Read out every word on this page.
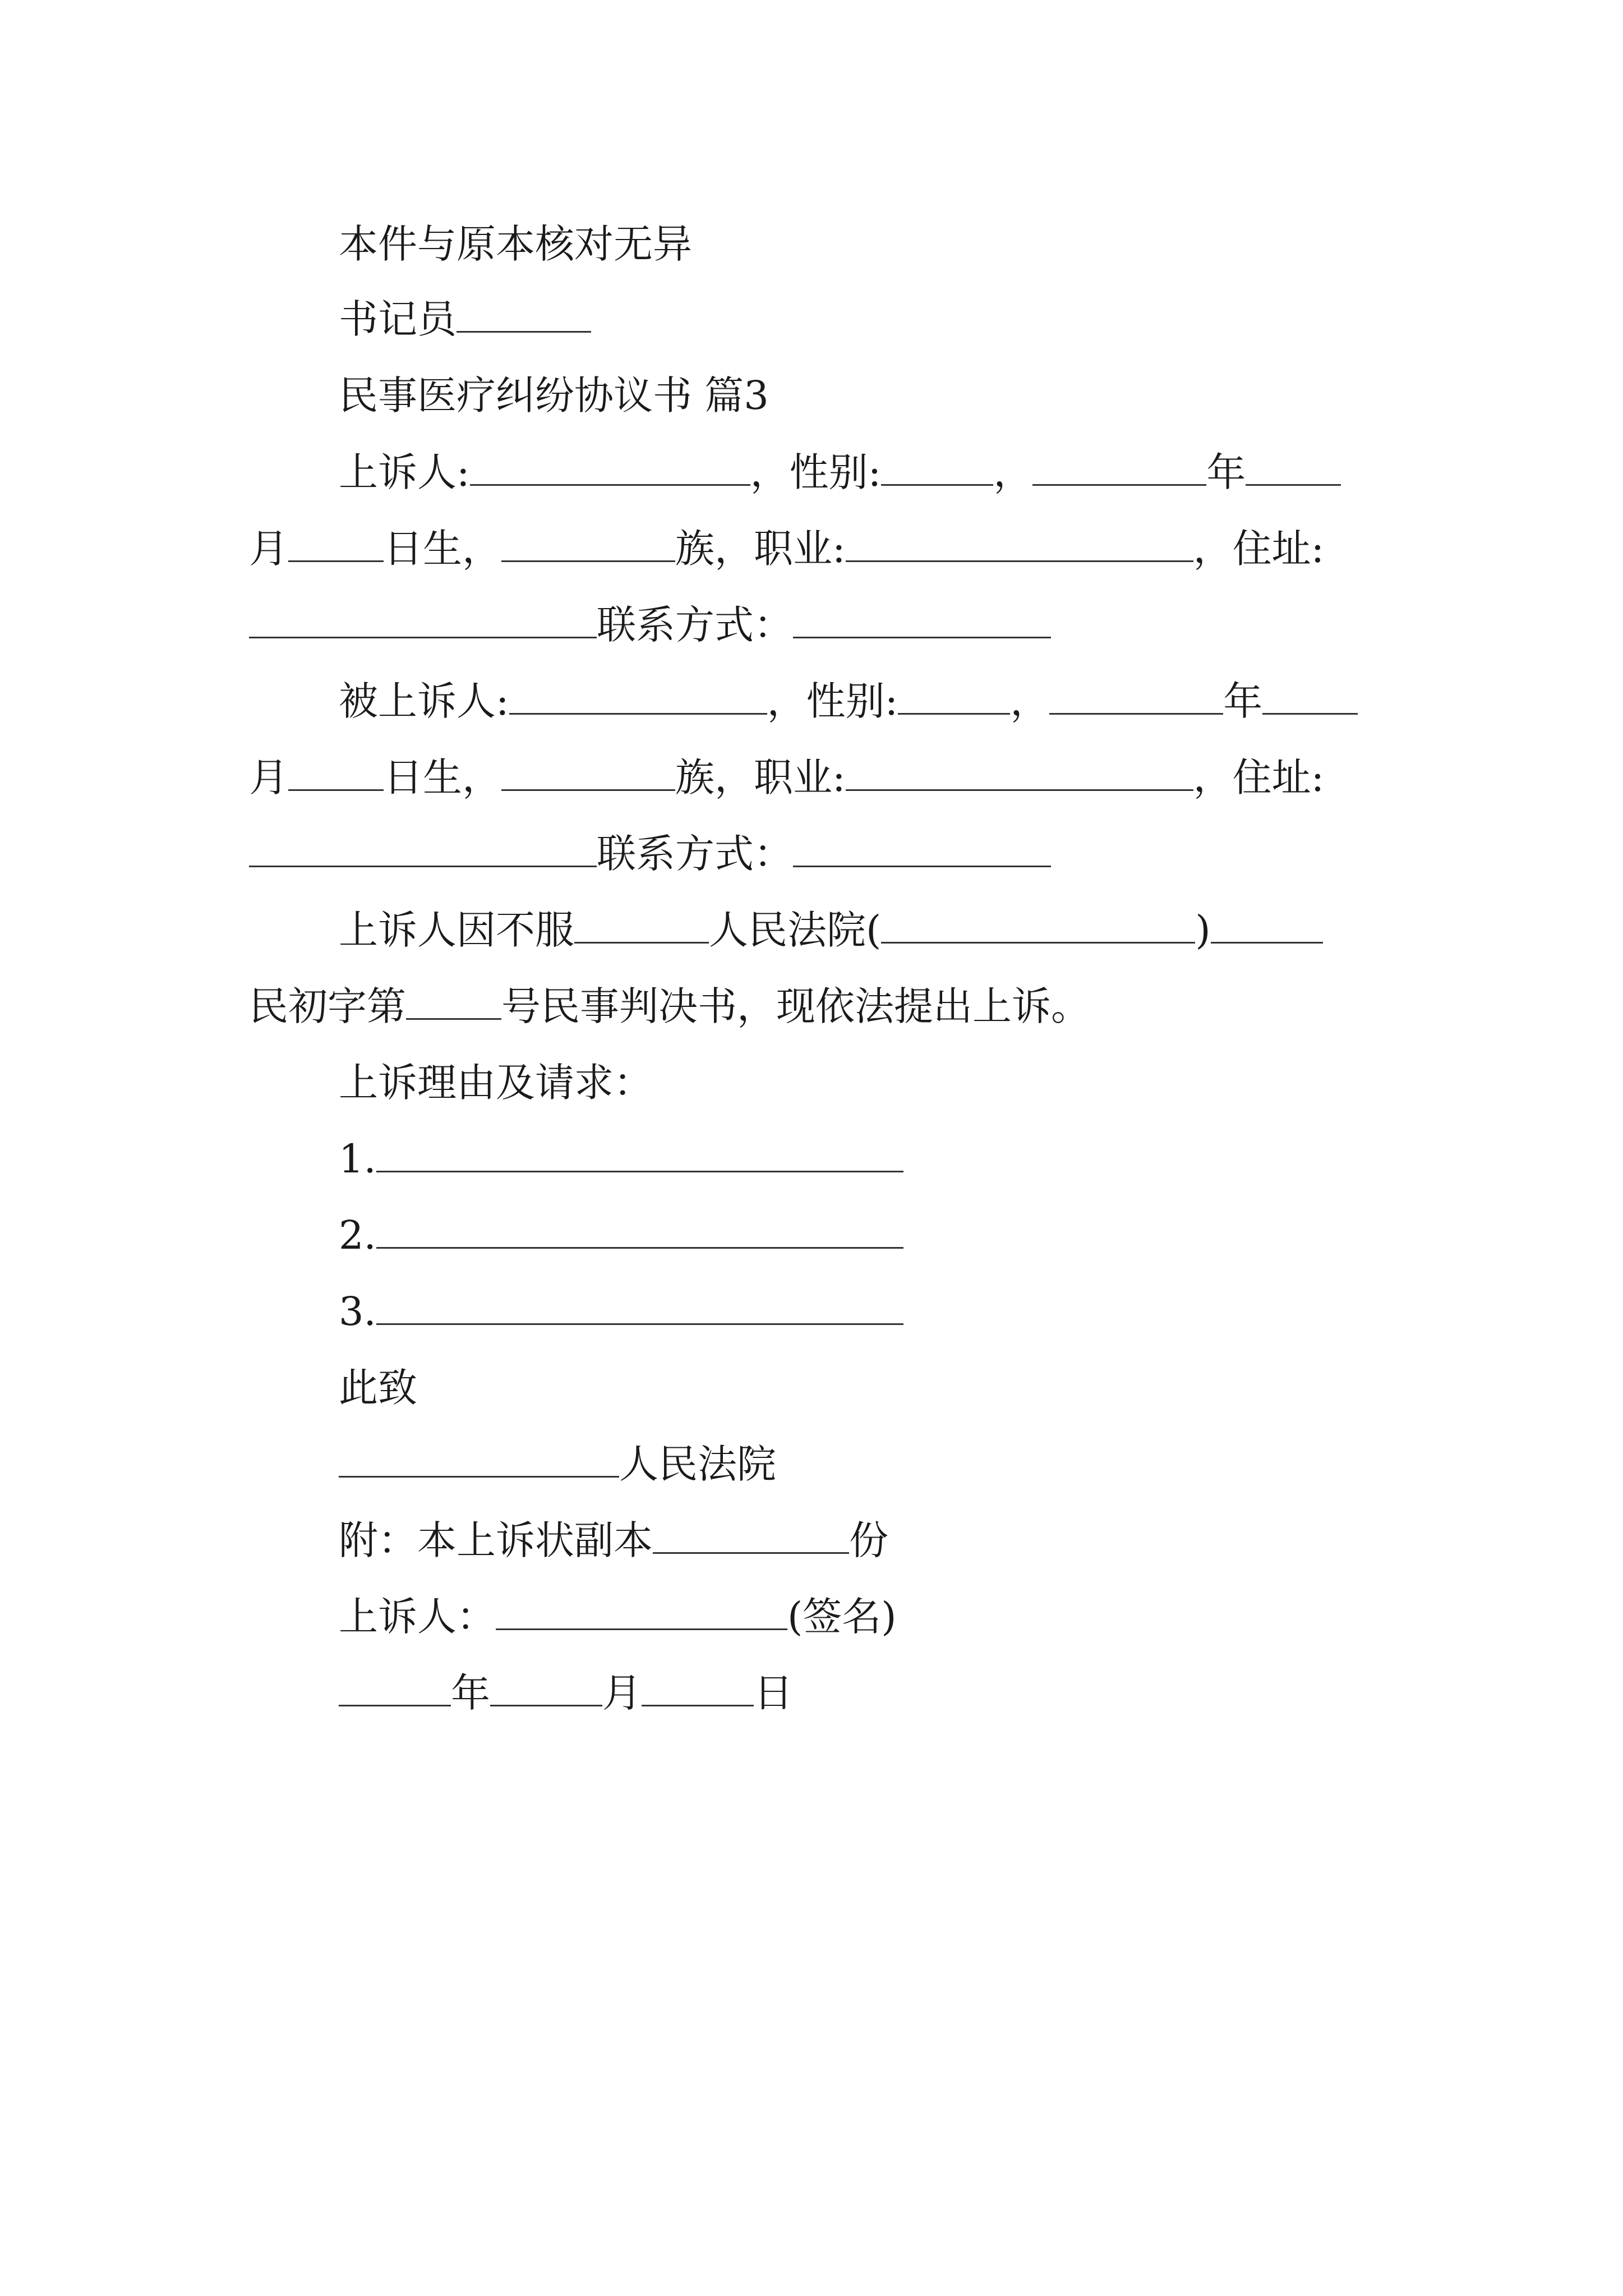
本件与原本核对无异

书记员

民事医疗纠纷协议书 篇3

上诉人:	，性别:	，	年

月 日生，	族，职业:	，住址:

联系方式：

被上诉人:	，性别:	，	年

月 日生，	族，职业:	，住址:

联系方式：

上诉人因不服	人民法院(	)

民初字第 号民事判决书，现依法提出上诉。

上诉理由及请求：

1.

2.

3.

此致

人民法院

附：本上诉状副本	份

上诉人：	(签名)

年	月	日
